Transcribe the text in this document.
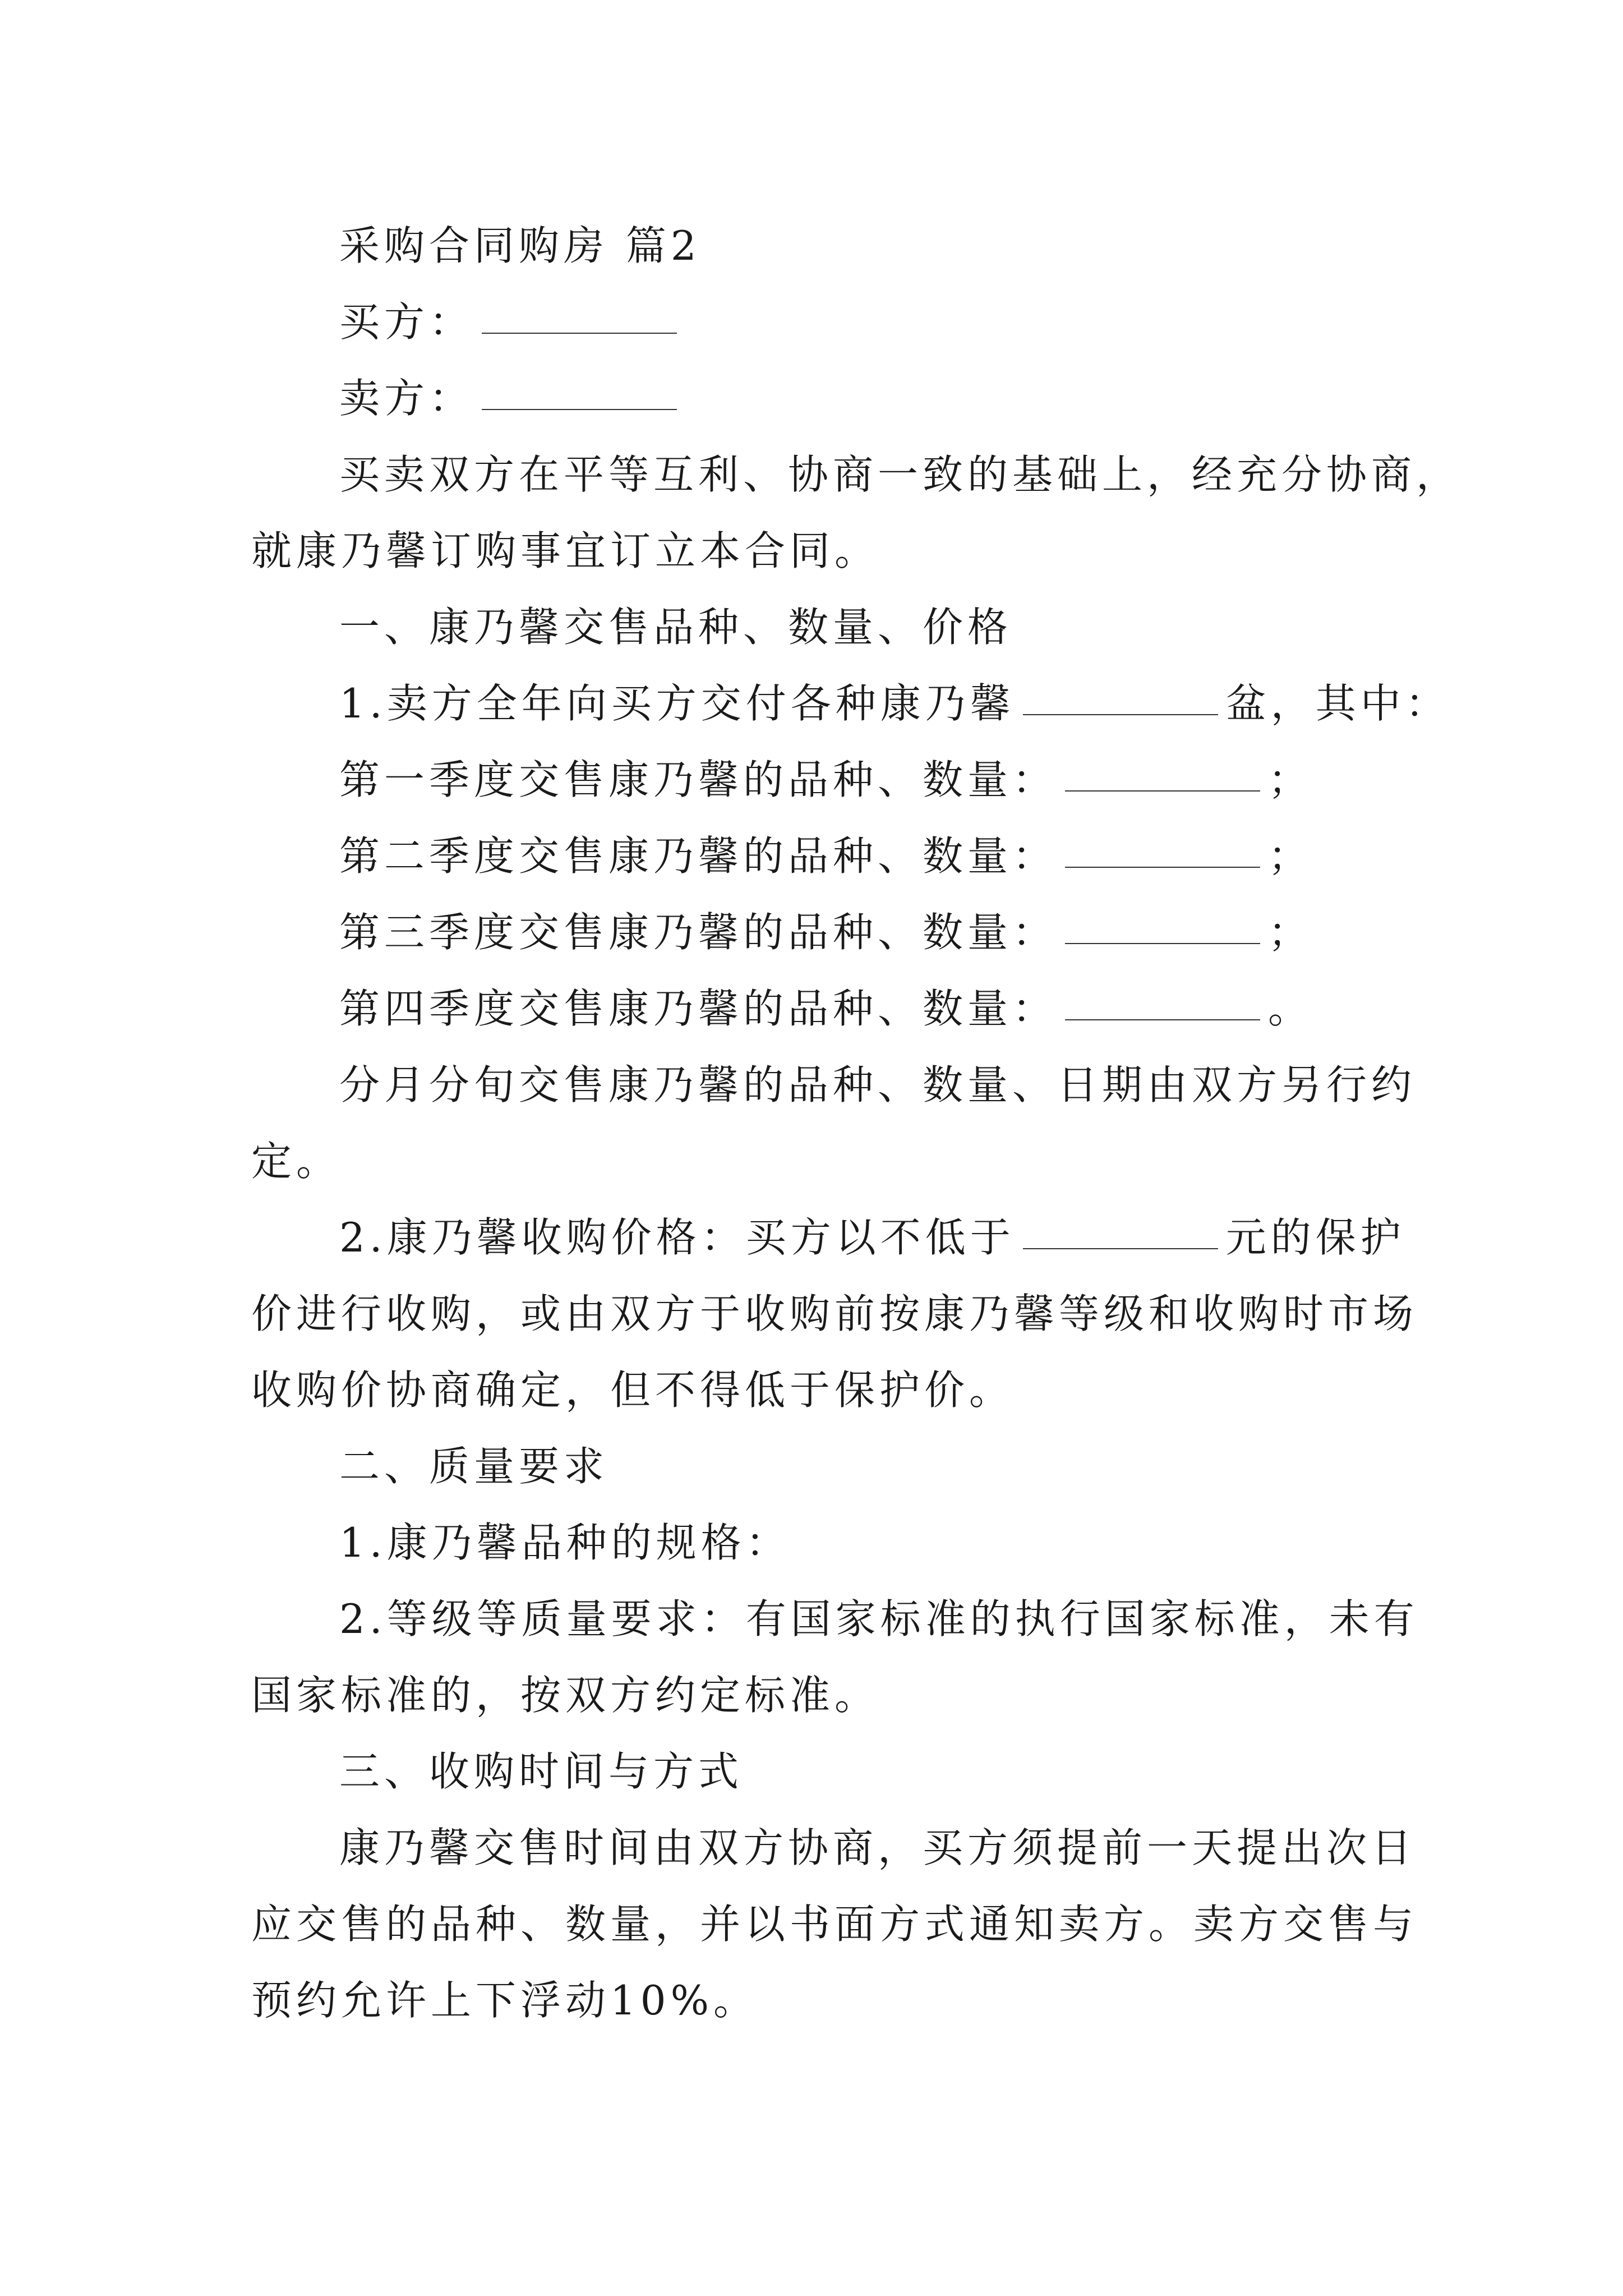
采购合同购房 篇2
买方：
卖方：
买卖双方在平等互利、协商一致的基础上，经充分协商，
就康乃馨订购事宜订立本合同。
一、康乃馨交售品种、数量、价格
1.卖方全年向买方交付各种康乃馨	盆，其中：
第一季度交售康乃馨的品种、数量：	；
第二季度交售康乃馨的品种、数量：	；
第三季度交售康乃馨的品种、数量：	；
第四季度交售康乃馨的品种、数量：	。
分月分旬交售康乃馨的品种、数量、日期由双方另行约
定。
2.康乃馨收购价格：买方以不低于	元的保护
价进行收购，或由双方于收购前按康乃馨等级和收购时市场
收购价协商确定，但不得低于保护价。
二、质量要求
1.康乃馨品种的规格：
2.等级等质量要求：有国家标准的执行国家标准，未有
国家标准的，按双方约定标准。
三、收购时间与方式
康乃馨交售时间由双方协商，买方须提前一天提出次日
应交售的品种、数量，并以书面方式通知卖方。卖方交售与
预约允许上下浮动10%。
